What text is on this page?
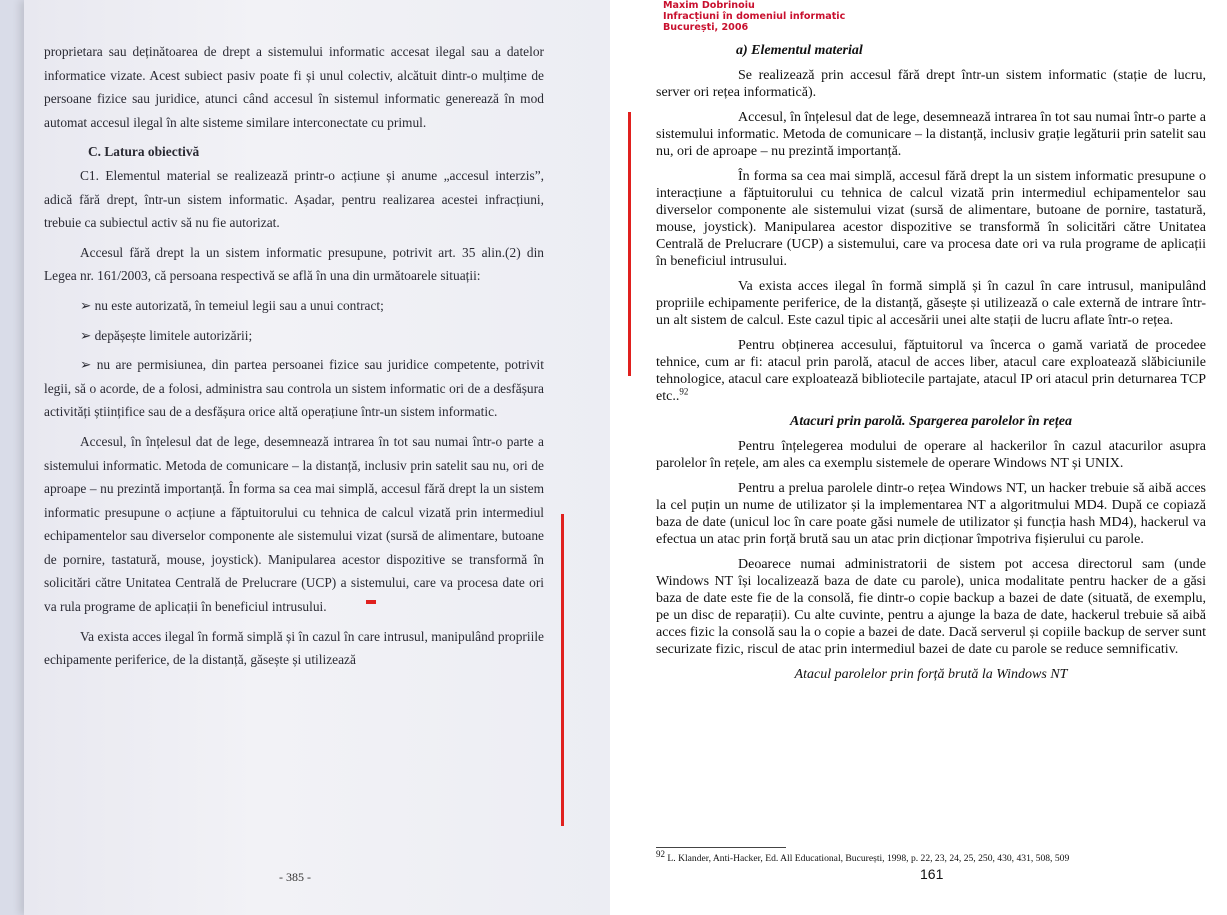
proprietara sau deținătoarea de drept a sistemului informatic accesat ilegal sau a datelor informatice vizate. Acest subiect pasiv poate fi și unul colectiv, alcătuit dintr-o mulțime de persoane fizice sau juridice, atunci când accesul în sistemul informatic generează în mod automat accesul ilegal în alte sisteme similare interconectate cu primul.

C. Latura obiectivă

C1. Elementul material se realizează printr-o acțiune și anume „accesul interzis”, adică fără drept, într-un sistem informatic. Așadar, pentru realizarea acestei infracțiuni, trebuie ca subiectul activ să nu fie autorizat.

Accesul fără drept la un sistem informatic presupune, potrivit art. 35 alin.(2) din Legea nr. 161/2003, că persoana respectivă se află în una din următoarele situații:

➢ nu este autorizată, în temeiul legii sau a unui contract;

➢ depășește limitele autorizării;

➢ nu are permisiunea, din partea persoanei fizice sau juridice competente, potrivit legii, să o acorde, de a folosi, administra sau controla un sistem informatic ori de a desfășura activități științifice sau de a desfășura orice altă operațiune într-un sistem informatic.

Accesul, în înțelesul dat de lege, desemnează intrarea în tot sau numai într-o parte a sistemului informatic. Metoda de comunicare – la distanță, inclusiv prin satelit sau nu, ori de aproape – nu prezintă importanță. În forma sa cea mai simplă, accesul fără drept la un sistem informatic presupune o acțiune a făptuitorului cu tehnica de calcul vizată prin intermediul echipamentelor sau diverselor componente ale sistemului vizat (sursă de alimentare, butoane de pornire, tastatură, mouse, joystick). Manipularea acestor dispozitive se transformă în solicitări către Unitatea Centrală de Prelucrare (UCP) a sistemului, care va procesa date ori va rula programe de aplicații în beneficiul intrusului.

Va exista acces ilegal în formă simplă și în cazul în care intrusul, manipulând propriile echipamente periferice, de la distanță, găsește și utilizează

- 385 -
Maxim Dobrinoiu
Infracțiuni în domeniul informatic
București, 2006

a) Elementul material

Se realizează prin accesul fără drept într-un sistem informatic (stație de lucru, server ori rețea informatică).

Accesul, în înțelesul dat de lege, desemnează intrarea în tot sau numai într-o parte a sistemului informatic. Metoda de comunicare – la distanță, inclusiv grație legăturii prin satelit sau nu, ori de aproape – nu prezintă importanță.

În forma sa cea mai simplă, accesul fără drept la un sistem informatic presupune o interacțiune a făptuitorului cu tehnica de calcul vizată prin intermediul echipamentelor sau diverselor componente ale sistemului vizat (sursă de alimentare, butoane de pornire, tastatură, mouse, joystick). Manipularea acestor dispozitive se transformă în solicitări către Unitatea Centrală de Prelucrare (UCP) a sistemului, care va procesa date ori va rula programe de aplicații în beneficiul intrusului.

Va exista acces ilegal în formă simplă și în cazul în care intrusul, manipulând propriile echipamente periferice, de la distanță, găsește și utilizează o cale externă de intrare într-un alt sistem de calcul. Este cazul tipic al accesării unei alte stații de lucru aflate într-o rețea.

Pentru obținerea accesului, făptuitorul va încerca o gamă variată de procedee tehnice, cum ar fi: atacul prin parolă, atacul de acces liber, atacul care exploatează slăbiciunile tehnologice, atacul care exploatează bibliotecile partajate, atacul IP ori atacul prin deturnarea TCP etc..$^{92}$

Atacuri prin parolă. Spargerea parolelor în rețea

Pentru înțelegerea modului de operare al hackerilor în cazul atacurilor asupra parolelor în rețele, am ales ca exemplu sistemele de operare Windows NT și UNIX.

Pentru a prelua parolele dintr-o rețea Windows NT, un hacker trebuie să aibă acces la cel puțin un nume de utilizator și la implementarea NT a algoritmului MD4. După ce copiază baza de date (unicul loc în care poate găsi numele de utilizator și funcția hash MD4), hackerul va efectua un atac prin forță brută sau un atac prin dicționar împotriva fișierului cu parole.

Deoarece numai administratorii de sistem pot accesa directorul sam (unde Windows NT își localizează baza de date cu parole), unica modalitate pentru hacker de a găsi baza de date este fie de la consolă, fie dintr-o copie backup a bazei de date (situată, de exemplu, pe un disc de reparații). Cu alte cuvinte, pentru a ajunge la baza de date, hackerul trebuie să aibă acces fizic la consolă sau la o copie a bazei de date. Dacă serverul și copiile backup de server sunt securizate fizic, riscul de atac prin intermediul bazei de date cu parole se reduce semnificativ.

Atacul parolelor prin forță brută la Windows NT

$^{92}$ L. Klander, Anti-Hacker, Ed. All Educational, București, 1998, p. 22, 23, 24, 25, 250, 430, 431, 508, 509
161
